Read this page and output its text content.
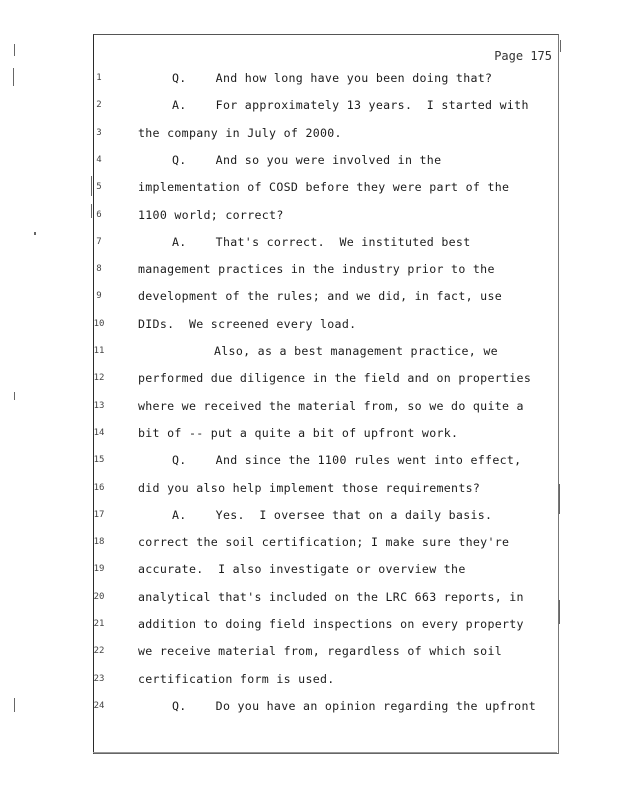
Page 175
1	Q.    And how long have you been doing that?
2	A.    For approximately 13 years.  I started with
3	the company in July of 2000.
4	Q.    And so you were involved in the
5	implementation of COSD before they were part of the
6	1100 world; correct?
7	A.    That's correct.  We instituted best
8	management practices in the industry prior to the
9	development of the rules; and we did, in fact, use
10	DIDs.  We screened every load.
11	Also, as a best management practice, we
12	performed due diligence in the field and on properties
13	where we received the material from, so we do quite a
14	bit of -- put a quite a bit of upfront work.
15	Q.    And since the 1100 rules went into effect,
16	did you also help implement those requirements?
17	A.    Yes.  I oversee that on a daily basis.
18	correct the soil certification; I make sure they're
19	accurate.  I also investigate or overview the
20	analytical that's included on the LRC 663 reports, in
21	addition to doing field inspections on every property
22	we receive material from, regardless of which soil
23	certification form is used.
24	Q.    Do you have an opinion regarding the upfront
